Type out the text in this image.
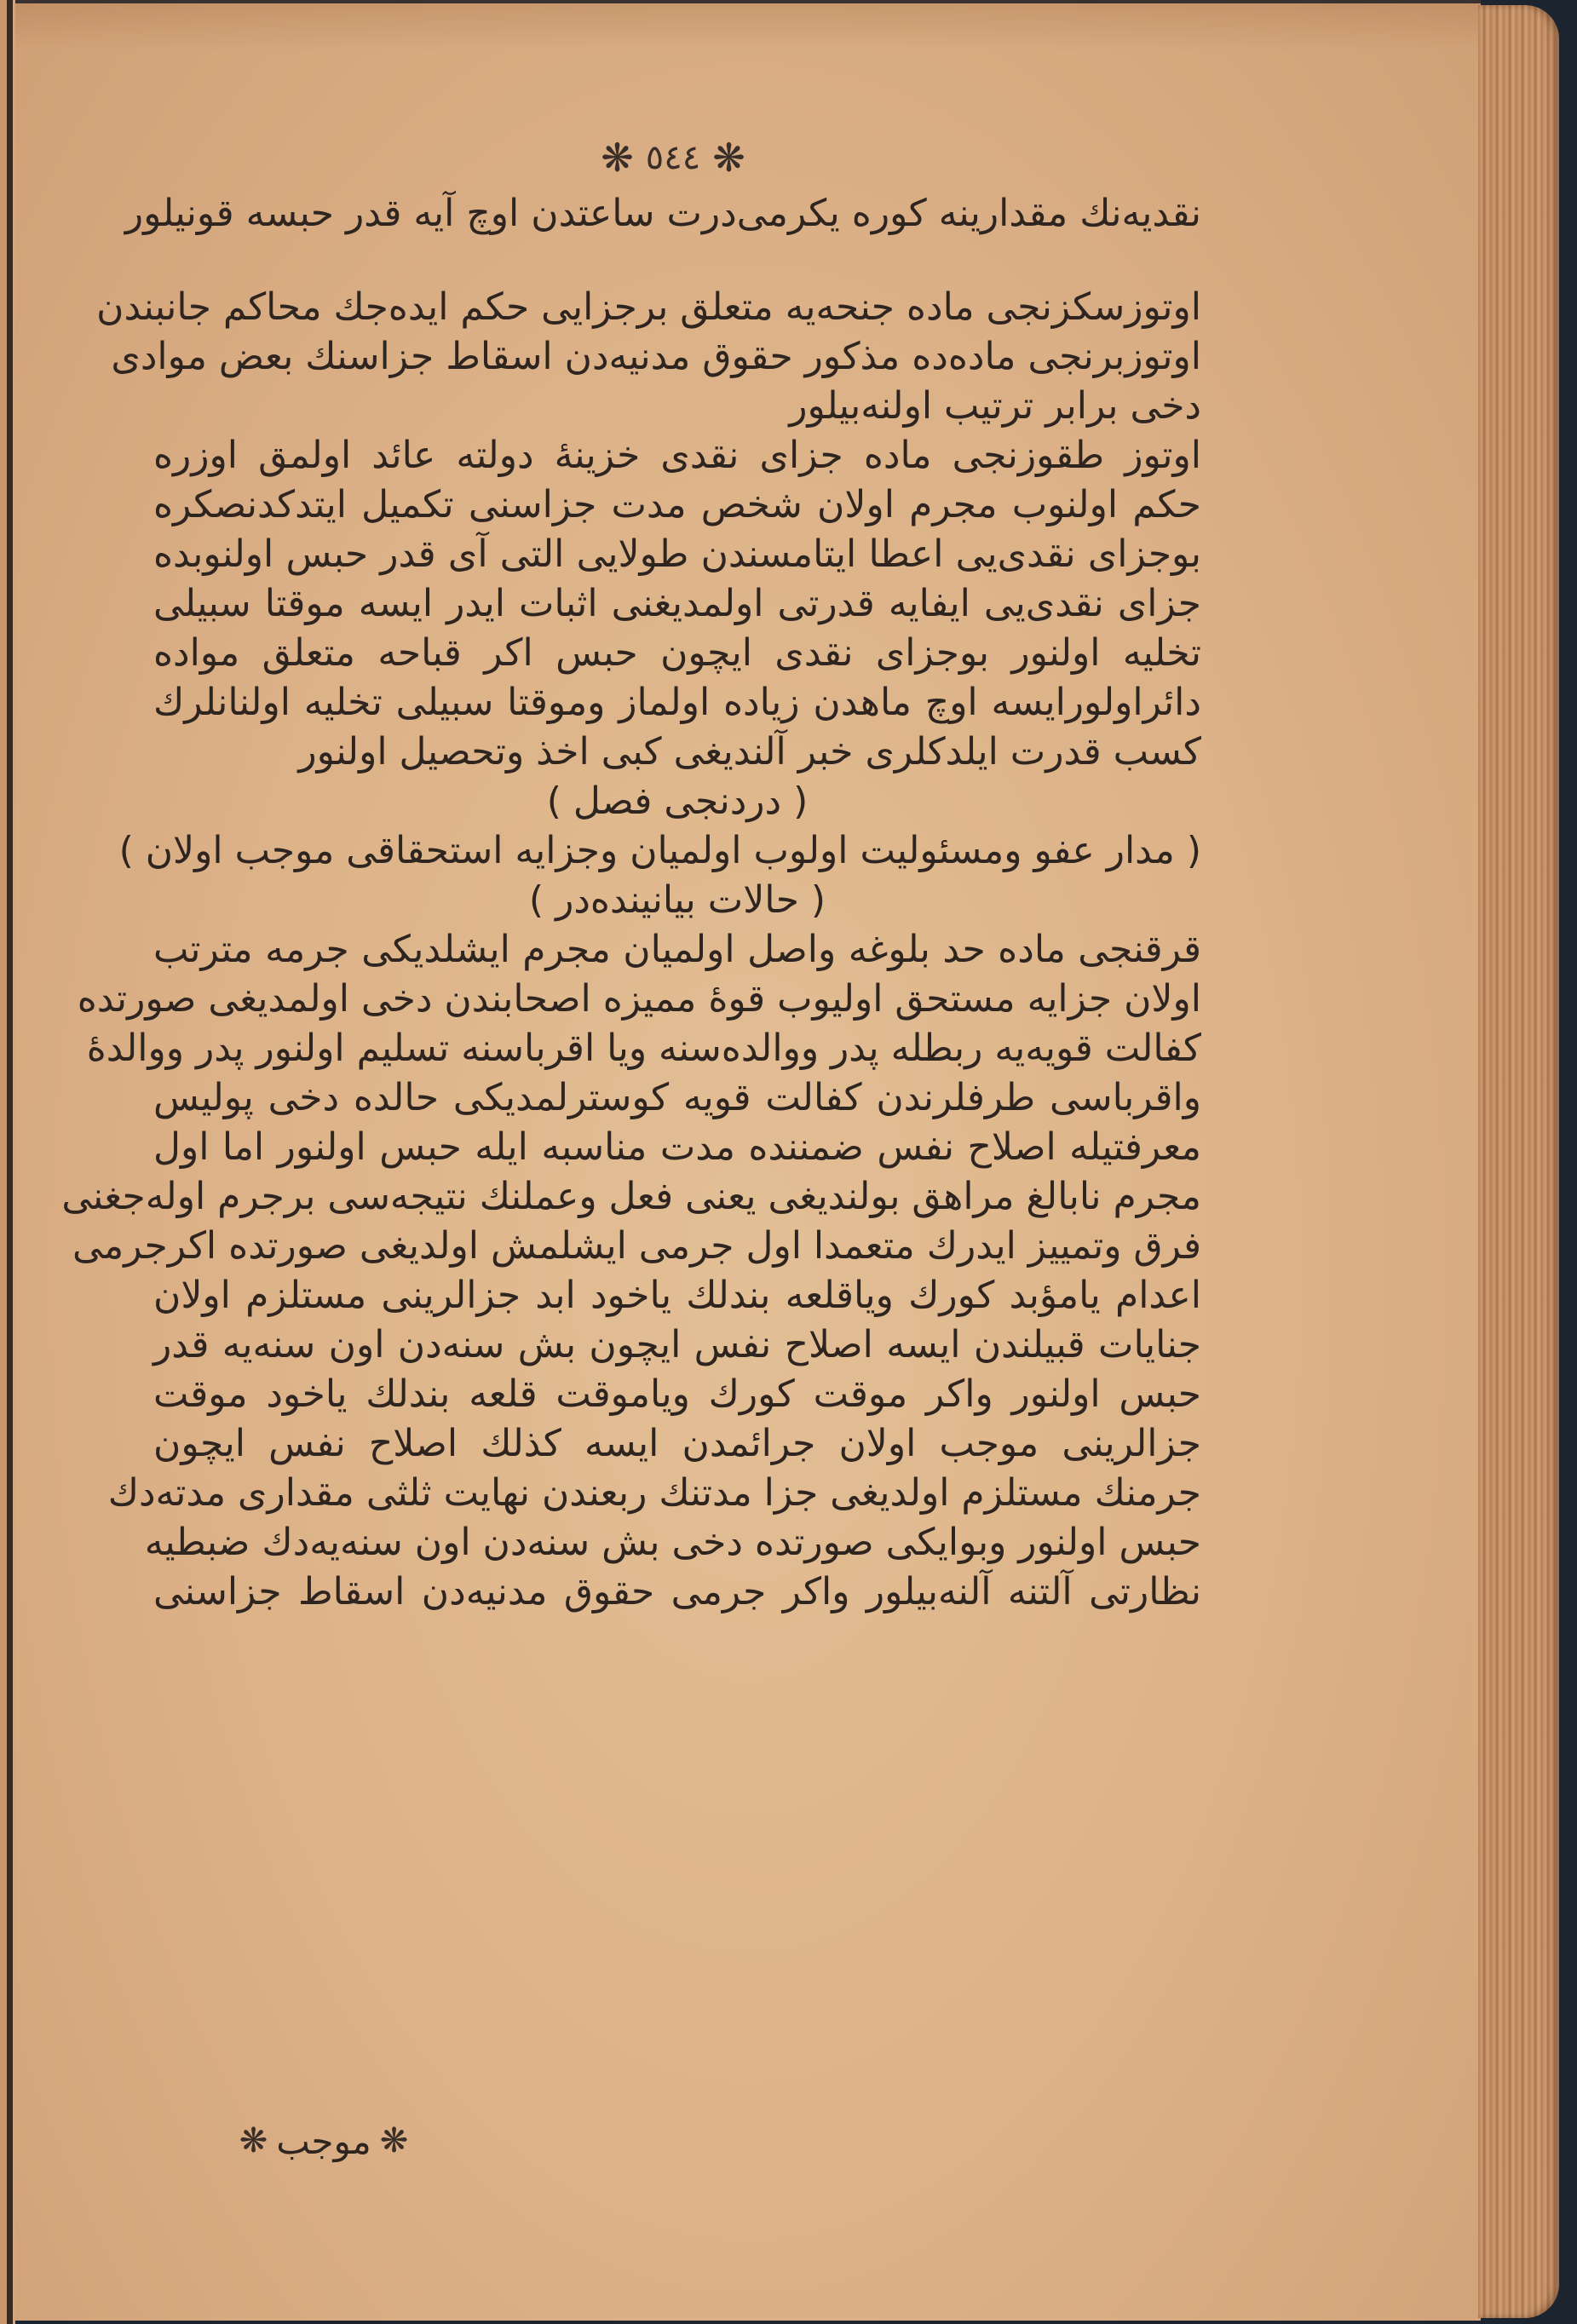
❋ ٥٤٤ ❋
نقدیه‌نك مقدارینه كوره یكرمی‌درت ساعتدن اوچ آیه قدر حبسه قونیلور
اوتوزسكزنجی ماده جنحه‌یه متعلق برجزایی حكم ایده‌جك محاكم جانبندن
اوتوزبرنجی ماده‌ده مذكور حقوق مدنیه‌دن اسقاط جزاسنك بعض موادی
دخی برابر ترتیب اولنه‌بیلور
اوتوز طقوزنجی ماده جزای نقدی خزینهٔ دولته عائد اولمق اوزره
حكم اولنوب مجرم اولان شخص مدت جزاسنی تكمیل ایتدكدنصكره
بوجزای نقدی‌یی اعطا ایتامسندن طولایی التی آی قدر حبس اولنوبده
جزای نقدی‌یی ایفایه قدرتی اولمدیغنی اثبات ایدر ایسه موقتا سبیلی
تخلیه اولنور بوجزای نقدی ایچون حبس اكر قباحه متعلق مواده
دائراولورایسه اوچ ماهدن زیاده اولماز وموقتا سبیلی تخلیه اولنانلرك
كسب قدرت ایلدكلری خبر آلندیغی كبی اخذ وتحصیل اولنور
( دردنجی فصل )
( مدار عفو ومسئولیت اولوب اولمیان وجزایه استحقاقی موجب اولان )
( حالات بیانینده‌در )
قرقنجی ماده حد بلوغه واصل اولمیان مجرم ایشلدیكی جرمه مترتب
اولان جزایه مستحق اولیوب قوهٔ ممیزه اصحابندن دخی اولمدیغی صورتده
كفالت قویه‌یه ربطله پدر ووالده‌سنه ویا اقرباسنه تسلیم اولنور پدر ووالدهٔ
واقرباسی طرفلرندن كفالت قویه كوسترلمدیكی حالده دخی پولیس
معرفتیله اصلاح نفس ضمننده مدت مناسبه ایله حبس اولنور اما اول
مجرم نابالغ مراهق بولندیغی یعنی فعل وعملنك نتیجه‌سی برجرم اوله‌جغنی
فرق وتمییز ایدرك متعمدا اول جرمی ایشلمش اولدیغی صورتده اكرجرمی
اعدام یامؤبد كورك ویاقلعه بندلك یاخود ابد جزالرینی مستلزم اولان
جنایات قبیلندن ایسه اصلاح نفس ایچون بش سنه‌دن اون سنه‌یه قدر
حبس اولنور واكر موقت كورك ویاموقت قلعه بندلك یاخود موقت
جزالرینی موجب اولان جرائمدن ایسه كذلك اصلاح نفس ایچون
جرمنك مستلزم اولدیغی جزا مدتنك ربعندن نهایت ثلثی مقداری مدته‌دك
حبس اولنور وبوایكی صورتده دخی بش سنه‌دن اون سنه‌یه‌دك ضبطیه
نظارتی آلتنه آلنه‌بیلور واكر جرمی حقوق مدنیه‌دن اسقاط جزاسنی
❋ موجب ❋
